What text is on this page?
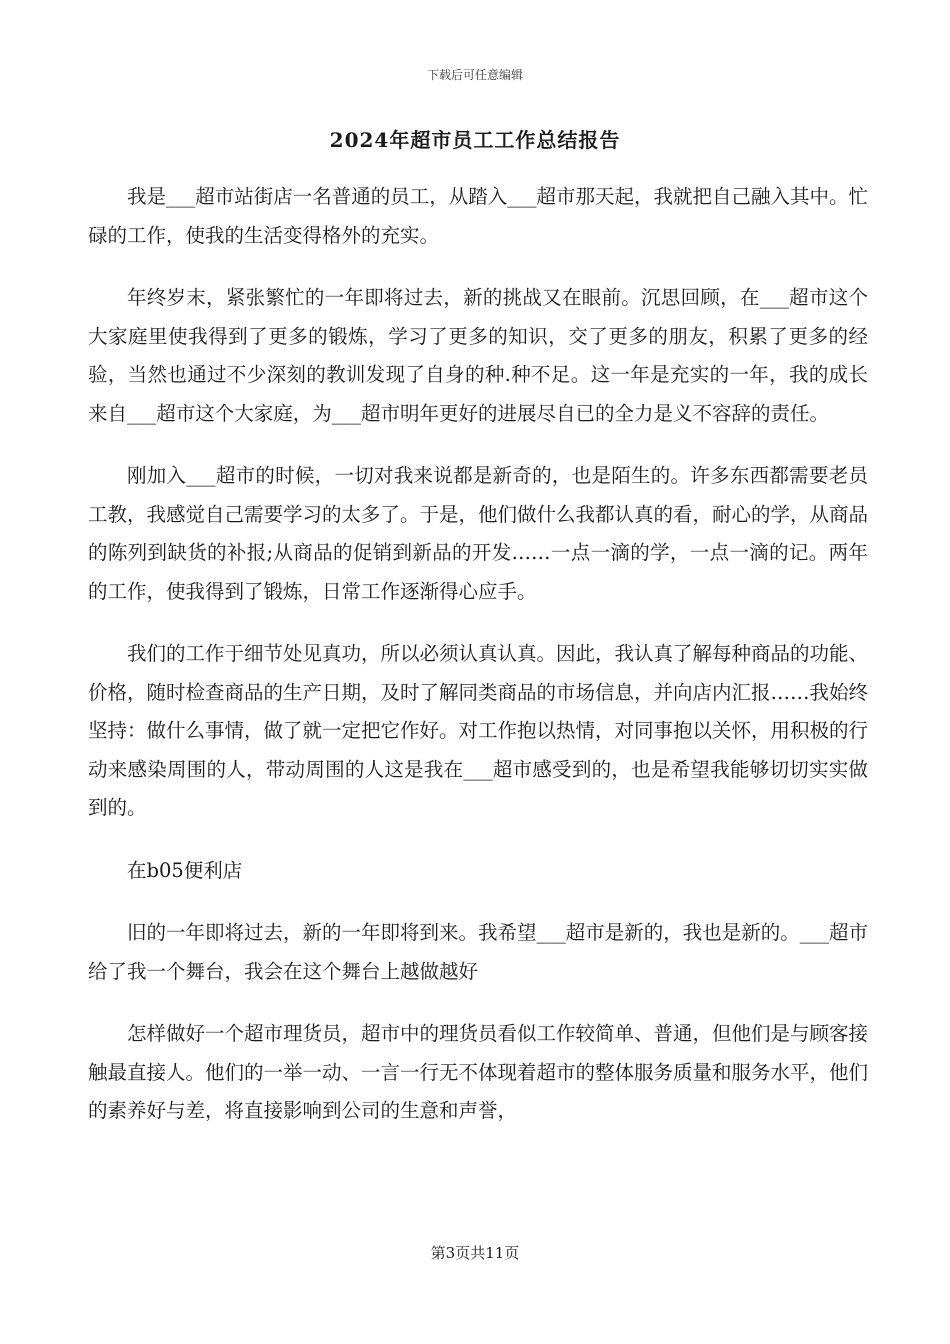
下载后可任意编辑
2024年超市员工工作总结报告

我是___超市站街店一名普通的员工，从踏入___超市那天起，我就把自己融入其中。忙碌的工作，使我的生活变得格外的充实。

年终岁末，紧张繁忙的一年即将过去，新的挑战又在眼前。沉思回顾，在___超市这个大家庭里使我得到了更多的锻炼，学习了更多的知识，交了更多的朋友，积累了更多的经验，当然也通过不少深刻的教训发现了自身的种.种不足。这一年是充实的一年，我的成长来自___超市这个大家庭，为___超市明年更好的进展尽自已的全力是义不容辞的责任。

刚加入___超市的时候，一切对我来说都是新奇的，也是陌生的。许多东西都需要老员工教，我感觉自己需要学习的太多了。于是，他们做什么我都认真的看，耐心的学，从商品的陈列到缺货的补报;从商品的促销到新品的开发……一点一滴的学，一点一滴的记。两年的工作，使我得到了锻炼，日常工作逐渐得心应手。

我们的工作于细节处见真功，所以必须认真认真。因此，我认真了解每种商品的功能、价格，随时检查商品的生产日期，及时了解同类商品的市场信息，并向店内汇报……我始终坚持：做什么事情，做了就一定把它作好。对工作抱以热情，对同事抱以关怀，用积极的行动来感染周围的人，带动周围的人这是我在___超市感受到的，也是希望我能够切切实实做到的。

在b05便利店

旧的一年即将过去，新的一年即将到来。我希望___超市是新的，我也是新的。___超市给了我一个舞台，我会在这个舞台上越做越好

怎样做好一个超市理货员，超市中的理货员看似工作较简单、普通，但他们是与顾客接触最直接人。他们的一举一动、一言一行无不体现着超市的整体服务质量和服务水平，他们的素养好与差，将直接影响到公司的生意和声誉，

第3页共11页
